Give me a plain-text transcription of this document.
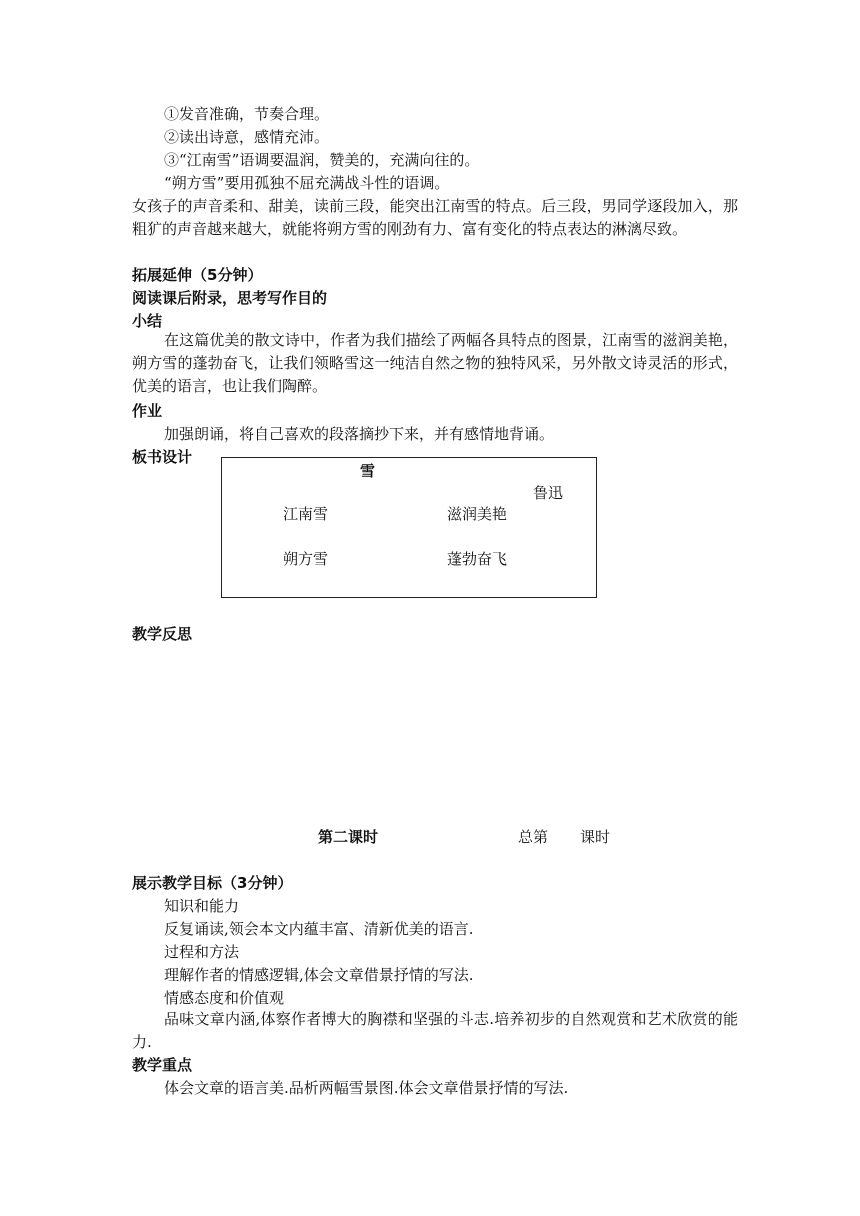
①发音准确，节奏合理。
②读出诗意，感情充沛。
③“江南雪”语调要温润，赞美的，充满向往的。
“朔方雪”要用孤独不屈充满战斗性的语调。
女孩子的声音柔和、甜美，读前三段，能突出江南雪的特点。后三段，男同学逐段加入，那粗犷的声音越来越大，就能将朔方雪的刚劲有力、富有变化的特点表达的淋漓尽致。
拓展延伸（5分钟）
阅读课后附录，思考写作目的
小结
在这篇优美的散文诗中，作者为我们描绘了两幅各具特点的图景，江南雪的滋润美艳，朔方雪的蓬勃奋飞，让我们领略雪这一纯洁自然之物的独特风采，另外散文诗灵活的形式，优美的语言，也让我们陶醉。
作业
加强朗诵，将自己喜欢的段落摘抄下来，并有感情地背诵。
板书设计
雪
鲁迅
江南雪	滋润美艳
朔方雪	蓬勃奋飞
教学反思
第二课时	总第	课时
展示教学目标（3分钟）
知识和能力
反复诵读,领会本文内蕴丰富、清新优美的语言.
过程和方法
理解作者的情感逻辑,体会文章借景抒情的写法.
情感态度和价值观
品味文章内涵,体察作者博大的胸襟和坚强的斗志.培养初步的自然观赏和艺术欣赏的能力.
教学重点
体会文章的语言美.品析两幅雪景图.体会文章借景抒情的写法.
